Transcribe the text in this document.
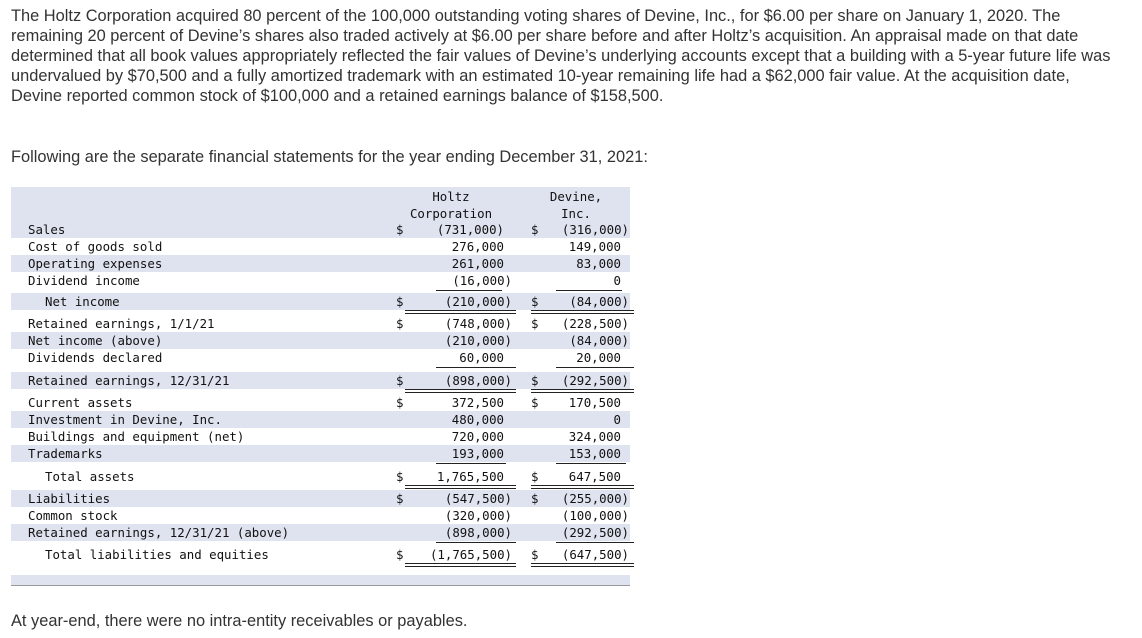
The Holtz Corporation acquired 80 percent of the 100,000 outstanding voting shares of Devine, Inc., for $6.00 per share on January 1, 2020. The remaining 20 percent of Devine’s shares also traded actively at $6.00 per share before and after Holtz’s acquisition. An appraisal made on that date determined that all book values appropriately reflected the fair values of Devine’s underlying accounts except that a building with a 5-year future life was undervalued by $70,500 and a fully amortized trademark with an estimated 10-year remaining life had a $62,000 fair value. At the acquisition date, Devine reported common stock of $100,000 and a retained earnings balance of $158,500.
Following are the separate financial statements for the year ending December 31, 2021:
Holtz
Corporation
Devine,
Inc.
Sales	$	(731,000) $ (316,000)
Cost of goods sold	276,000	149,000
Operating expenses	261,000	83,000
Dividend income	(16,000)	0
Net income	$	(210,000) $ (84,000)
Retained earnings, 1/1/21	$	(748,000) $ (228,500)
Net income (above)	(210,000)	(84,000)
Dividends declared	60,000	20,000
Retained earnings, 12/31/21	$	(898,000) $ (292,500)
Current assets	$	372,500 $ 170,500
Investment in Devine, Inc.	480,000	0
Buildings and equipment (net)	720,000	324,000
Trademarks	193,000	153,000
Total assets	$	1,765,500 $ 647,500
Liabilities	$	(547,500) $ (255,000)
Common stock	(320,000)	(100,000)
Retained earnings, 12/31/21 (above)	(898,000)	(292,500)
Total liabilities and equities	$ (1,765,500) $ (647,500)
At year-end, there were no intra-entity receivables or payables.
